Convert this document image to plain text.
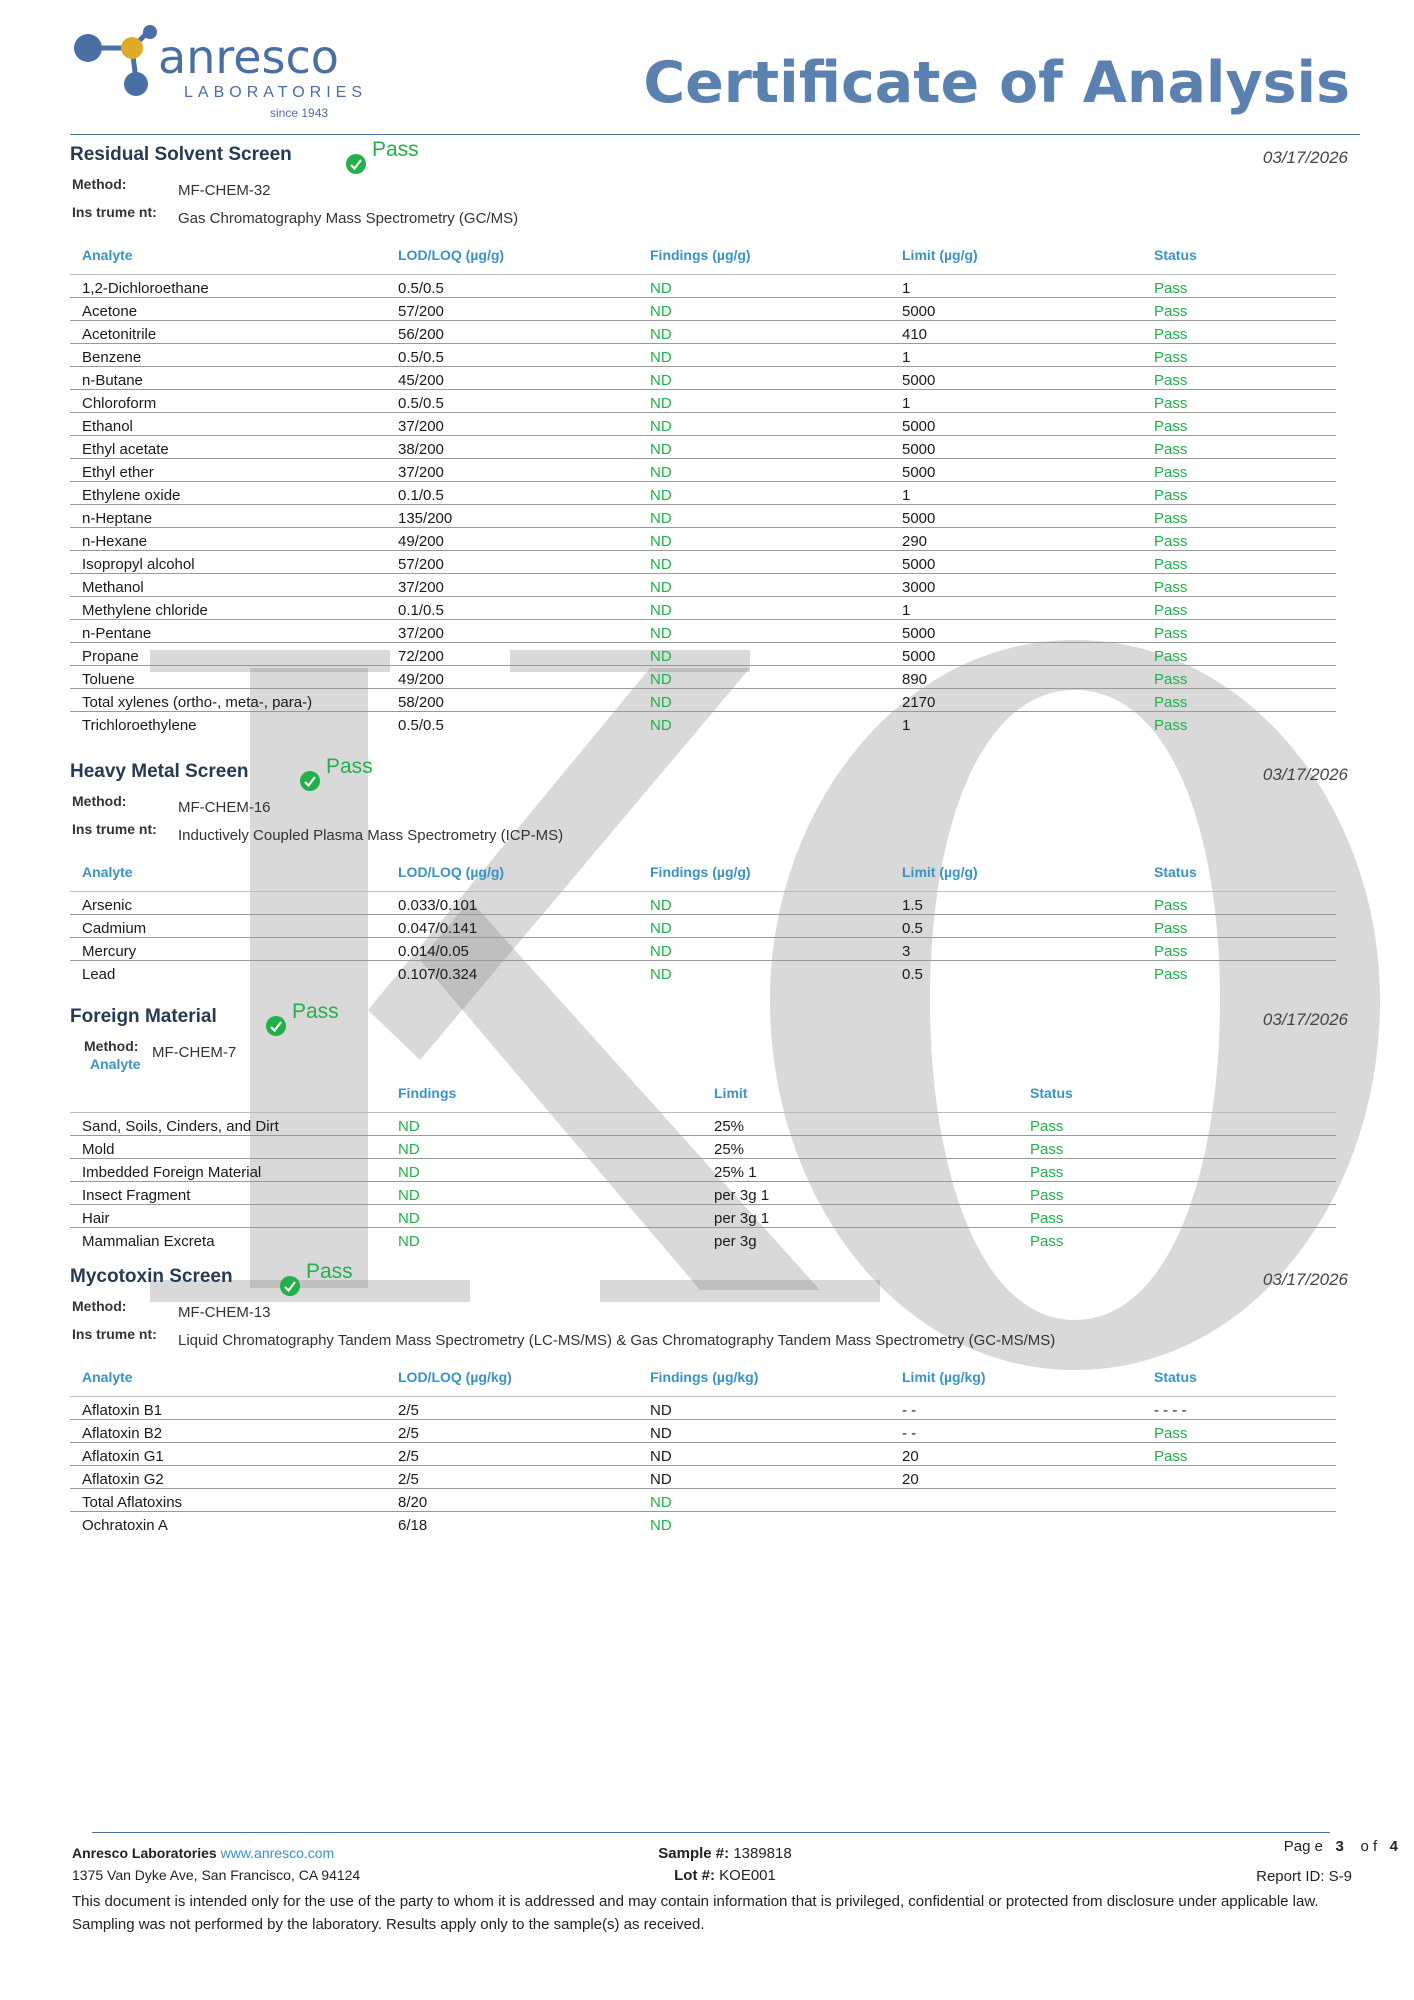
anresco
LABORATORIES
since 1943	Certificate of Analysis
Residual Solvent Screen	Pass	03/17/2026
Method:	MF-CHEM-32
Ins trume nt: Gas Chromatography Mass Spectrometry (GC/MS)
Analyte	LOD/LOQ (µg/g)	Findings (µg/g)	Limit (µg/g)	Status
1,2-Dichloroethane	0.5/0.5	ND	1	Pass
Acetone	57/200	ND	5000	Pass
Acetonitrile	56/200	ND	410	Pass
Benzene	0.5/0.5	ND	1	Pass
n-Butane	45/200	ND	5000	Pass
Chloroform	0.5/0.5	ND	1	Pass
Ethanol	37/200	ND	5000	Pass
Ethyl acetate	38/200	ND	5000	Pass
Ethyl ether	37/200	ND	5000	Pass
Ethylene oxide	0.1/0.5	ND	1	Pass
n-Heptane	135/200	ND	5000	Pass
n-Hexane	49/200	ND	290	Pass
Isopropyl alcohol	57/200	ND	5000	Pass
Methanol	37/200	ND	3000	Pass
Methylene chloride	0.1/0.5	ND	1	Pass
n-Pentane	37/200	ND	5000	Pass
Propane	72/200	ND	5000	Pass
Toluene	49/200	ND	890	Pass
Total xylenes (ortho-, meta-, para-)	58/200	ND	2170	Pass
Trichloroethylene	0.5/0.5	ND	1	Pass
Heavy Metal Screen	Pass	03/17/2026
Method:	MF-CHEM-16
Ins trume nt: Inductively Coupled Plasma Mass Spectrometry (ICP-MS)
Analyte	LOD/LOQ (µg/g)	Findings (µg/g)	Limit (µg/g)	Status
Arsenic	0.033/0.101	ND	1.5	Pass
Cadmium	0.047/0.141	ND	0.5	Pass
Mercury	0.014/0.05	ND	3	Pass
Lead	0.107/0.324	ND	0.5	Pass
Foreign Material	Pass	03/17/2026
Method: MF-CHEM-7
Analyte
	Findings	Limit	Status
Sand, Soils, Cinders, and Dirt	ND	25%	Pass
Mold	ND	25%	Pass
Imbedded Foreign Material	ND	25% 1	Pass
Insect Fragment	ND	per 3g 1	Pass
Hair	ND	per 3g 1	Pass
Mammalian Excreta	ND	per 3g	Pass
Mycotoxin Screen	Pass	03/17/2026
Method:	MF-CHEM-13
Ins trume nt: Liquid Chromatography Tandem Mass Spectrometry (LC-MS/MS) & Gas Chromatography Tandem Mass Spectrometry (GC-MS/MS)
Analyte	LOD/LOQ (µg/kg)	Findings (µg/kg)	Limit (µg/kg)	Status
Aflatoxin B1	2/5	ND	- -	- - - -
Aflatoxin B2	2/5	ND	- -	Pass
Aflatoxin G1	2/5	ND	20	Pass
Aflatoxin G2	2/5	ND	20	
Total Aflatoxins	8/20	ND		
Ochratoxin A	6/18	ND		
Anresco Laboratories www.anresco.com
1375 Van Dyke Ave, San Francisco, CA 94124
Sample #: 1389818
Lot #: KOE001
Pag e 3 o f 4
Report ID: S-9
This document is intended only for the use of the party to whom it is addressed and may contain information that is privileged, confidential or protected from disclosure under applicable law. Sampling was not performed by the laboratory. Results apply only to the sample(s) as received.
